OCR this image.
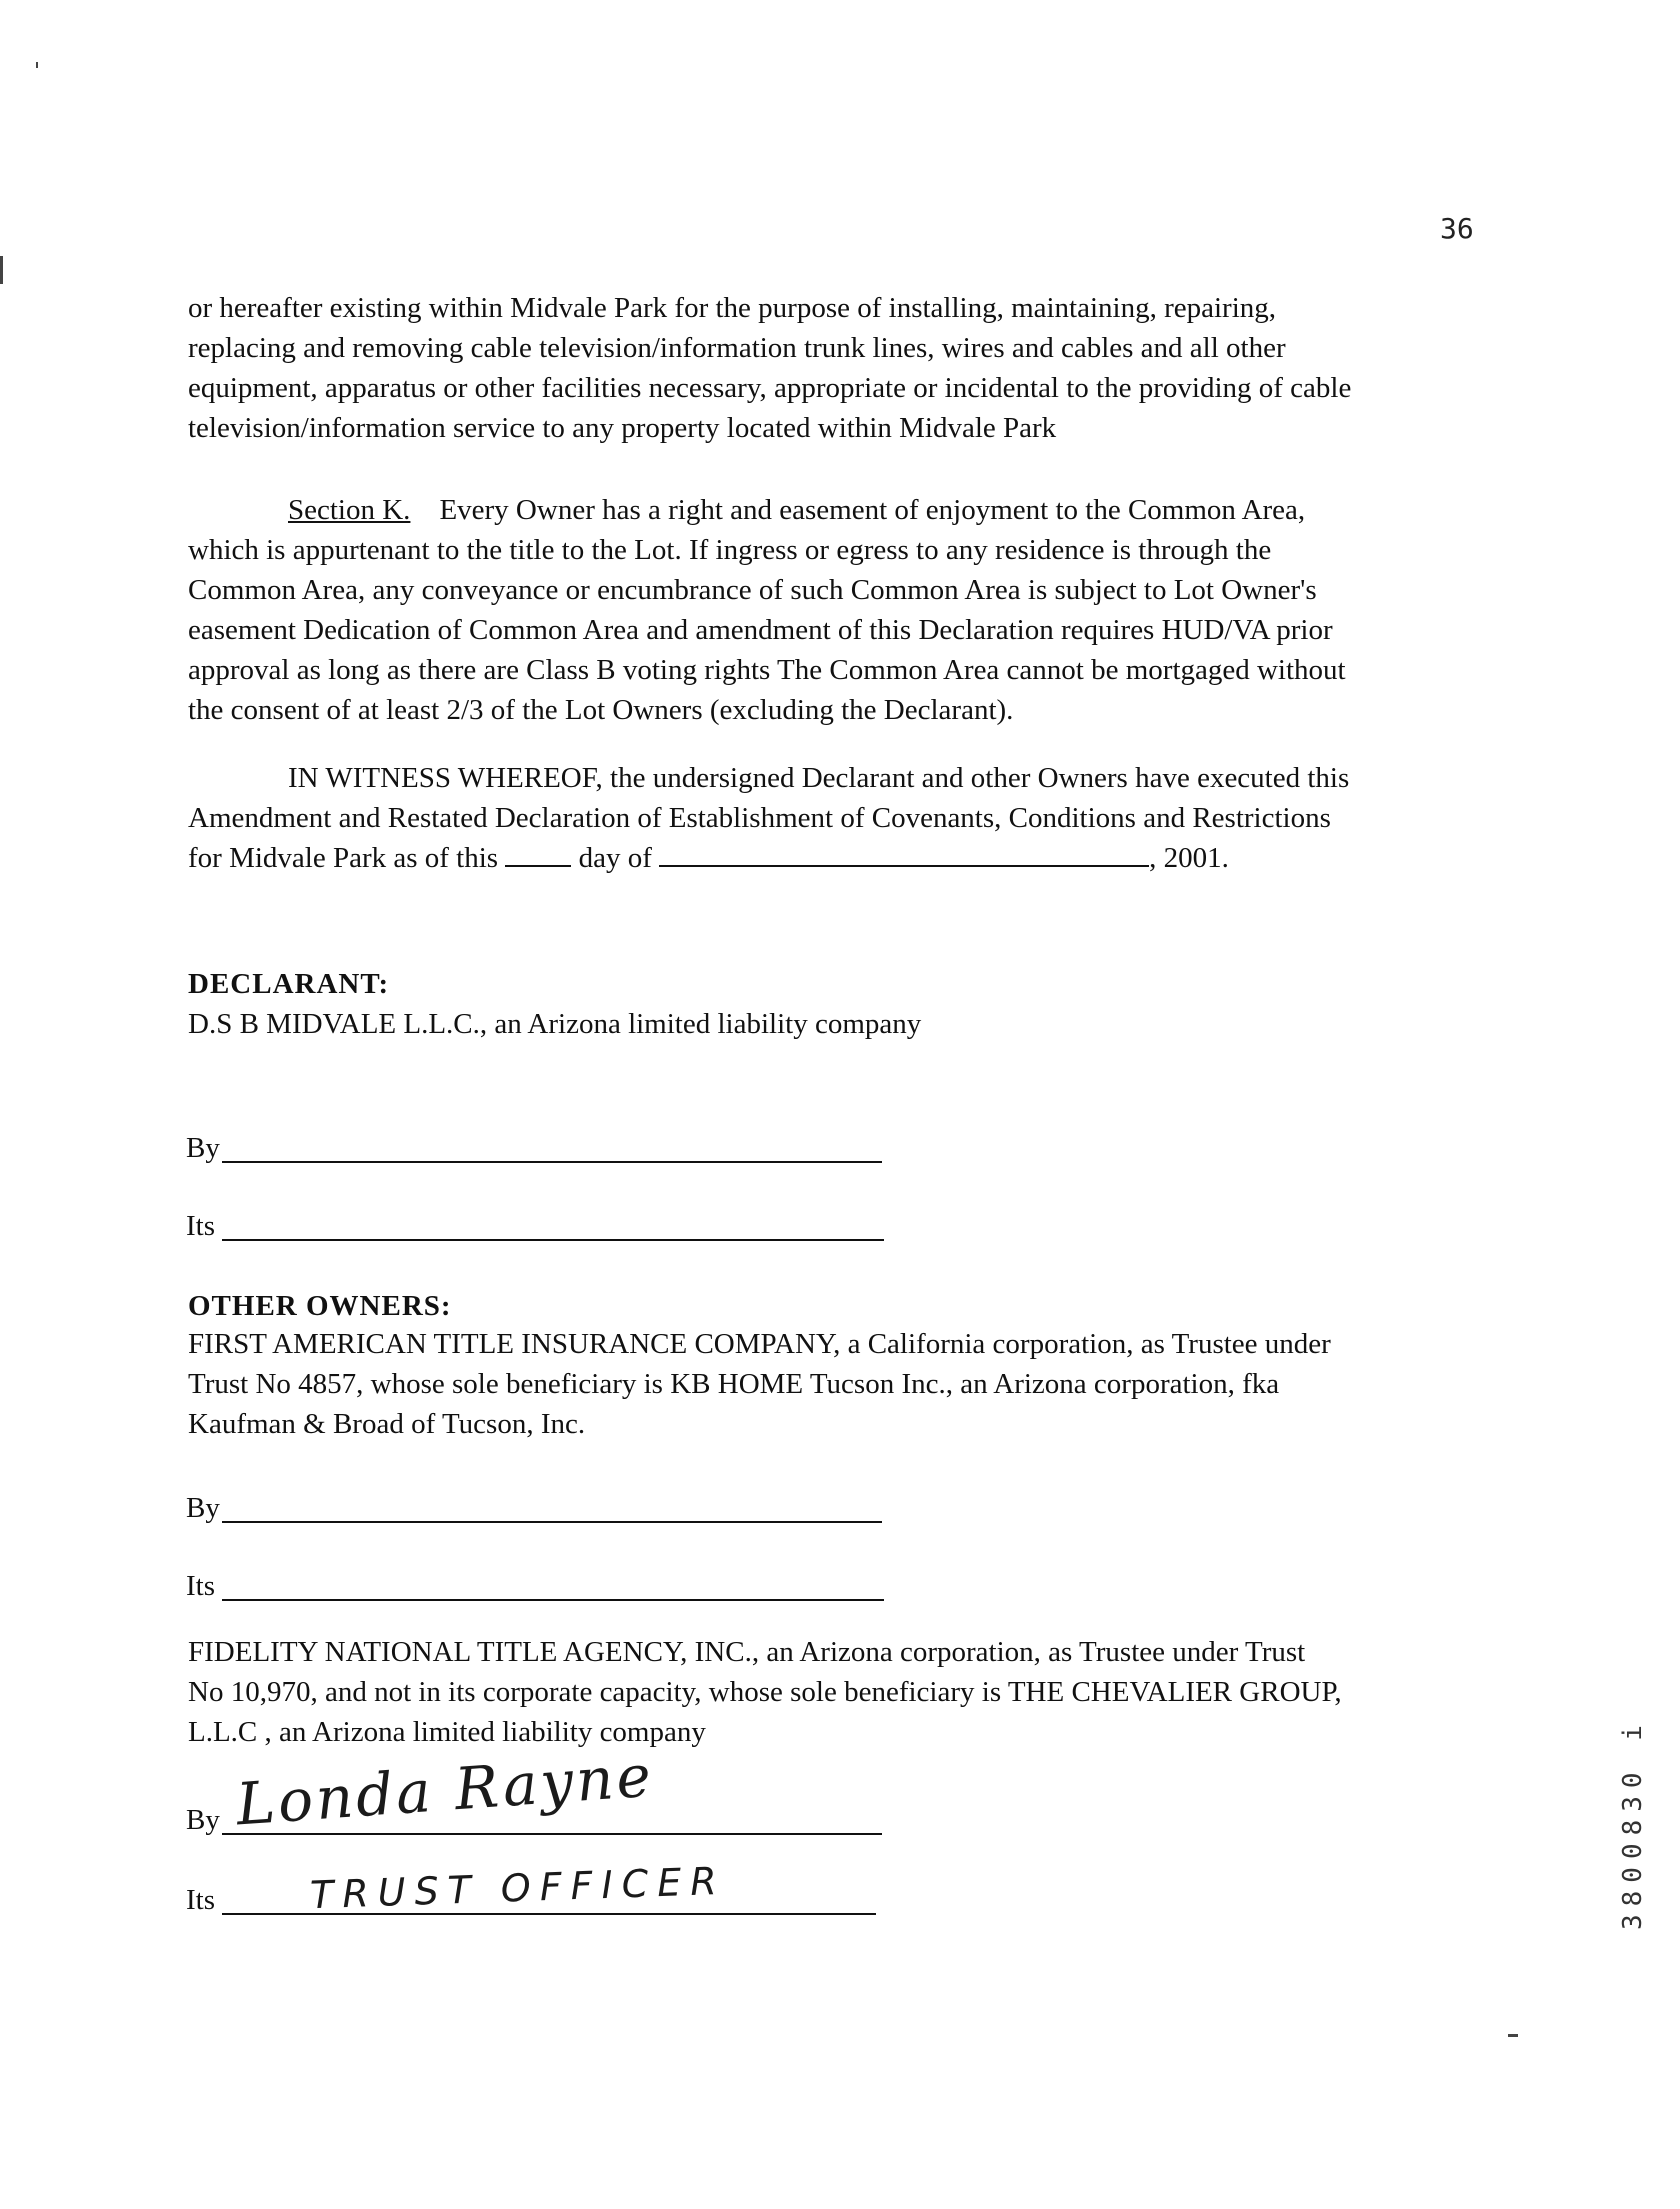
36
or hereafter existing within Midvale Park for the purpose of installing, maintaining, repairing,
replacing and removing cable television/information trunk lines, wires and cables and all other
equipment, apparatus or other facilities necessary, appropriate or incidental to the providing of cable
television/information service to any property located within Midvale Park
Section K. Every Owner has a right and easement of enjoyment to the Common Area,
which is appurtenant to the title to the Lot. If ingress or egress to any residence is through the
Common Area, any conveyance or encumbrance of such Common Area is subject to Lot Owner's
easement Dedication of Common Area and amendment of this Declaration requires HUD/VA prior
approval as long as there are Class B voting rights The Common Area cannot be mortgaged without
the consent of at least 2/3 of the Lot Owners (excluding the Declarant).
IN WITNESS WHEREOF, the undersigned Declarant and other Owners have executed this
Amendment and Restated Declaration of Establishment of Covenants, Conditions and Restrictions
for Midvale Park as of this	day of	, 2001.
DECLARANT:
D.S B MIDVALE L.L.C., an Arizona limited liability company
By
Its
OTHER OWNERS:
FIRST AMERICAN TITLE INSURANCE COMPANY, a California corporation, as Trustee under
Trust No 4857, whose sole beneficiary is KB HOME Tucson Inc., an Arizona corporation, fka
Kaufman & Broad of Tucson, Inc.
By
Its
FIDELITY NATIONAL TITLE AGENCY, INC., an Arizona corporation, as Trustee under Trust
No 10,970, and not in its corporate capacity, whose sole beneficiary is THE CHEVALIER GROUP,
L.L.C , an Arizona limited liability company
By Londa Rayne
Its TRUST OFFICER	3800830 i
